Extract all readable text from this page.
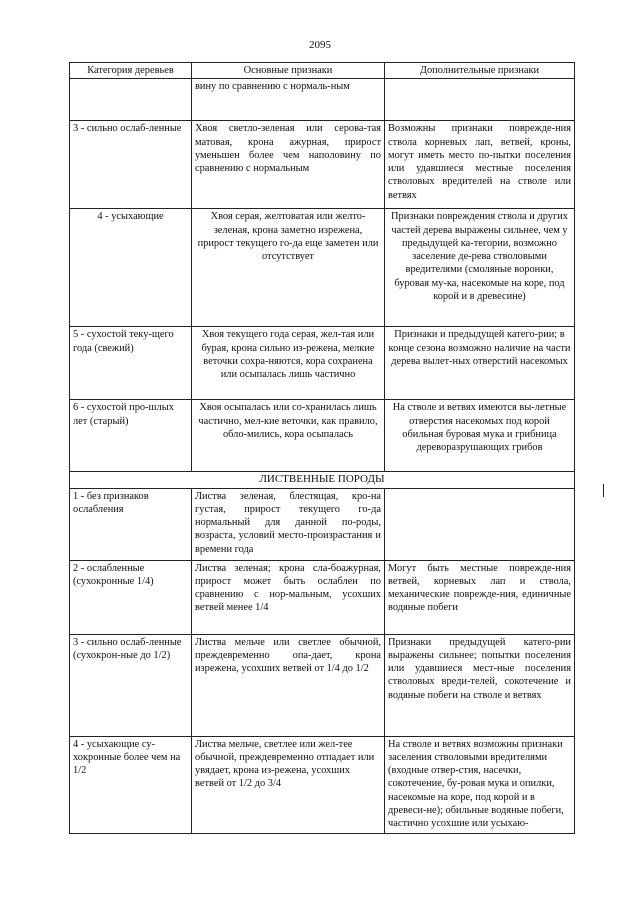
2095
Категория деревьев	Основные признаки	Дополнительные признаки
	вину по сравнению с нормаль-ным	
3 - сильно ослаб-ленные	Хвоя светло-зеленая или серова-тая матовая, крона ажурная, прирост уменьшен более чем наполовину по сравнению с нормальным	Возможны признаки поврежде-ния ствола корневых лап, ветвей, кроны, могут иметь место по-пытки поселения или удавшиеся местные поселения стволовых вредителей на стволе или ветвях
4 - усыхающие	Хвоя серая, желтоватая или желто-зеленая, крона заметно изрежена, прирост текущего го-да еще заметен или отсутствует	Признаки повреждения ствола и других частей дерева выражены сильнее, чем у предыдущей ка-тегории, возможно заселение де-рева стволовыми вредителями (смоляные воронки, буровая му-ка, насекомые на коре, под корой и в древесине)
5 - сухостой теку-щего года (свежий)	Хвоя текущего года серая, жел-тая или бурая, крона сильно из-режена, мелкие веточки сохра-няются, кора сохранена или осыпалась лишь частично	Признаки и предыдущей катего-рии; в конце сезона возможно наличие на части дерева вылет-ных отверстий насекомых
6 - сухостой про-шлых лет (старый)	Хвоя осыпалась или со-хранилась лишь частично, мел-кие веточки, как правило, обло-мились, кора осыпалась	На стволе и ветвях имеются вы-летные отверстия насекомых под корой обильная буровая мука и грибница дереворазрушающих грибов
ЛИСТВЕННЫЕ ПОРОДЫ		
1 - без признаков ослабления	Листва зеленая, блестящая, кро-на густая, прирост текущего го-да нормальный для данной по-роды, возраста, условий место-произрастания и времени года	
2 - ослабленные (сухокронные 1/4)	Листва зеленая; крона сла-боажурная, прирост может быть ослаблен по сравнению с нор-мальным, усохших ветвей менее 1/4	Могут быть местные поврежде-ния ветвей, корневых лап и ствола, механические поврежде-ния, единичные водяные побеги
3 - сильно ослаб-ленные (сухокрон-ные до 1/2)	Листва мельче или светлее обычной, преждевременно опа-дает, крона изрежена, усохших ветвей от 1/4 до 1/2	Признаки предыдущей катего-рии выражены сильнее; попытки поселения или удавшиеся мест-ные поселения стволовых вреди-телей, сокотечение и водяные побеги на стволе и ветвях
4 - усыхающие су-хокронные более чем на 1/2	Листва мельче, светлее или жел-тее обычной, преждевременно отпадает или увядает, крона из-режена, усохших ветвей от 1/2 до 3/4	На стволе и ветвях возможны признаки заселения стволовыми вредителями (входные отвер-стия, насечки, сокотечение, бу-ровая мука и опилки, насекомые на коре, под корой и в древеси-не); обильные водяные побеги, частично усохшие или усыхаю-
